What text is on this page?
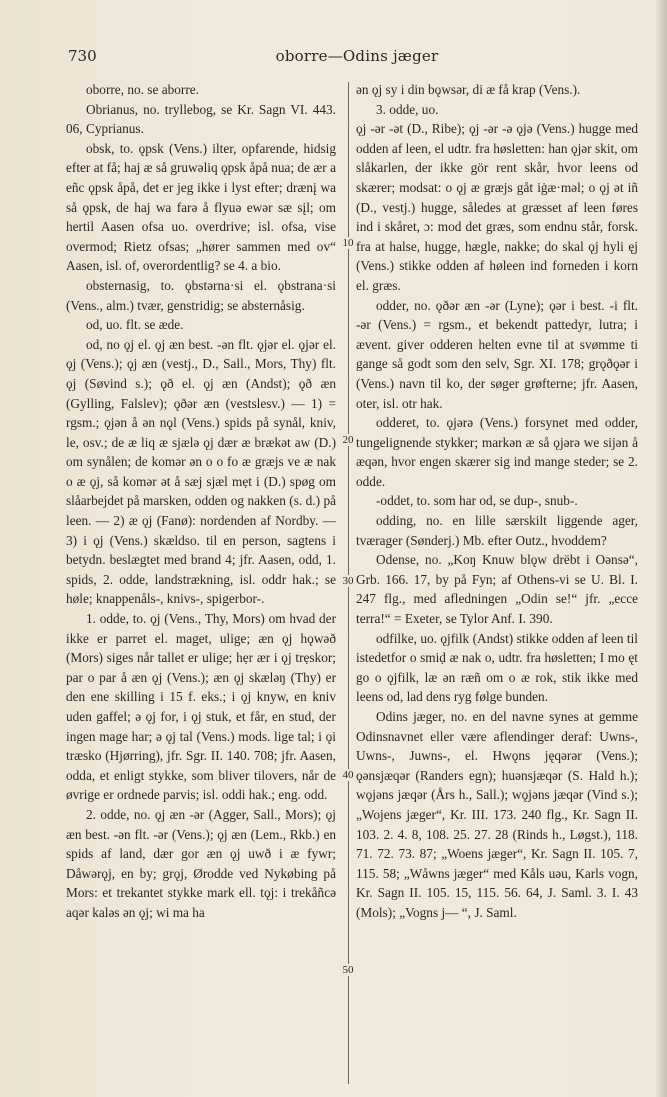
730	oborre—Odins jæger

oborre, no. se aborre.

Obrianus, no. tryllebog, se Kr. Sagn VI. 443. 06, Cyprianus.

obsk, to. ǫpsk (Vens.) ilter, opfarende, hidsig efter at få; haj æ så gruwəliq ǫpsk åpå nua; de ær a eñc ǫpsk åpå, det er jeg ikke i lyst efter; drænį wa så ǫpsk, de haj wa farə å flyuə ewər sæ sįl; om hertil Aasen ofsa uo. overdrive; isl. ofsa, vise overmod; Rietz ofsas; „hører sammen med ov“ Aasen, isl. of, overordentlig? se 4. a bio.

obsternasig, to. ǫbstərna·si el. ǫbstrana·si (Vens., alm.) tvær, genstridig; se absternåsig.

od, uo. flt. se æde.

od, no ǫj el. ǫj æn best. -ən flt. ǫjər el. ǫjər el. ǫj (Vens.); ǫj æn (vestj., D., Sall., Mors, Thy) flt. ǫj (Søvind s.); ǫð el. ǫj æn (Andst); ǫð æn (Gylling, Falslev); ǫðər æn (vestslesv.) — 1) = rgsm.; ǫjən å ən nǫl (Vens.) spids på synål, kniv, le, osv.; de æ liq æ sjælə ǫj dær æ brækət aw (D.) om synålen; de komər ən o o fo æ græjs ve æ nak o æ ǫj, så komər ət å sæj sjæl mẹt i (D.) spøg om slåarbejdet på marsken, odden og nakken (s. d.) på leen. — 2) æ ǫj (Fanø): nordenden af Nordby. — 3) i ǫj (Vens.) skældso. til en person, sagtens i betydn. beslægtet med brand 4; jfr. Aasen, odd, 1. spids, 2. odde, landstrækning, isl. oddr hak.; se høle; knappenåls-, knivs-, spigerbor-.

1. odde, to. ǫj (Vens., Thy, Mors) om hvad der ikke er parret el. maget, ulige; æn ǫj hǫwəð (Mors) siges når tallet er ulige; hẹr ær i ǫj trẹskor; par o par å æn ǫj (Vens.); æn ǫj skæləŋ (Thy) er den ene skilling i 15 f. eks.; i ǫj knyw, en kniv uden gaffel; ə ǫj for, i ǫj stuk, et får, en stud, der ingen mage har; ə ǫj tal (Vens.) mods. lige tal; i ǫi træsko (Hjørring), jfr. Sgr. II. 140. 708; jfr. Aasen, odda, et enligt stykke, som bliver tilovers, når de øvrige er ordnede parvis; isl. oddi hak.; eng. odd.

2. odde, no. ǫj æn -ər (Agger, Sall., Mors); ǫj æn best. -ən flt. -ər (Vens.); ǫj æn (Lem., Rkb.) en spids af land, dær gor æn ǫj uwð i æ fywr; Dåwərǫj, en by; grǫj, Ørodde ved Nykøbing på Mors: et trekantet stykke mark ell. tǫj: i trekåñcə aqər kaləs ən ǫj; wi ma ha

10
20
30
40
50

ən ǫj sy i din bǫwsər, di æ få krap (Vens.).

3. odde, uo.

ǫj -ər -ət (D., Ribe); ǫj -ər -ə ǫjə (Vens.) hugge med odden af leen, el udtr. fra høsletten: han ǫjər skit, om slåkarlen, der ikke gör rent skår, hvor leens od skærer; modsat: o ǫj æ græjs gåt iġæ·məl; o ǫj ət iñ (D., vestj.) hugge, således at græsset af leen føres ind i skåret, ɔ: mod det græs, som endnu står, forsk. fra at halse, hugge, hægle, nakke; do skal ǫj hyli ęj (Vens.) stikke odden af høleen ind forneden i korn el. græs.

odder, no. ǫðər æn -ər (Lyne); ǫər i best. -i flt. -ər (Vens.) = rgsm., et bekendt pattedyr, lutra; i ævent. giver odderen helten evne til at svømme ti gange så godt som den selv, Sgr. XI. 178; grǫðǫər i (Vens.) navn til ko, der søger grøfterne; jfr. Aasen, oter, isl. otr hak.

odderet, to. ǫjərə (Vens.) forsynet med odder, tungelignende stykker; markən æ så ǫjərə we sijən å æqən, hvor engen skærer sig ind mange steder; se 2. odde.

-oddet, to. som har od, se dup-, snub-.

odding, no. en lille særskilt liggende ager, tværager (Sønderj.) Mb. efter Outz., hvoddem?

Odense, no. „Koŋ Knuw blǫw drëbt i Oənsə“, Grb. 166. 17, by på Fyn; af Othens-vi se U. Bl. I. 247 flg., med afledningen „Odin se!“ jfr. „ecce terra!“ = Exeter, se Tylor Anf. I. 390.

odfilke, uo. ǫjfilk (Andst) stikke odden af leen til istedetfor o smiḍ æ nak o, udtr. fra høsletten; I mo ęt go o ǫjfilk, læ ən ræñ om o æ rok, stik ikke med leens od, lad dens ryg følge bunden.

Odins jæger, no. en del navne synes at gemme Odinsnavnet eller være aflendinger deraf: Uwns-, Uwns-, Juwns-, el. Hwǫns jęqərər (Vens.); ǫənsjæqər (Randers egn); huənsjæqər (S. Hald h.); wǫjəns jæqər (Års h., Sall.); wǫjəns jæqər (Vind s.); „Wojens jæger“, Kr. III. 173. 240 flg., Kr. Sagn II. 103. 2. 4. 8, 108. 25. 27. 28 (Rinds h., Løgst.), 118. 71. 72. 73. 87; „Woens jæger“, Kr. Sagn II. 105. 7, 115. 58; „Wåwns jæger“ med Kåls uəu, Karls vogn, Kr. Sagn II. 105. 15, 115. 56. 64, J. Saml. 3. I. 43 (Mols); „Vogns j— “, J. Saml.
